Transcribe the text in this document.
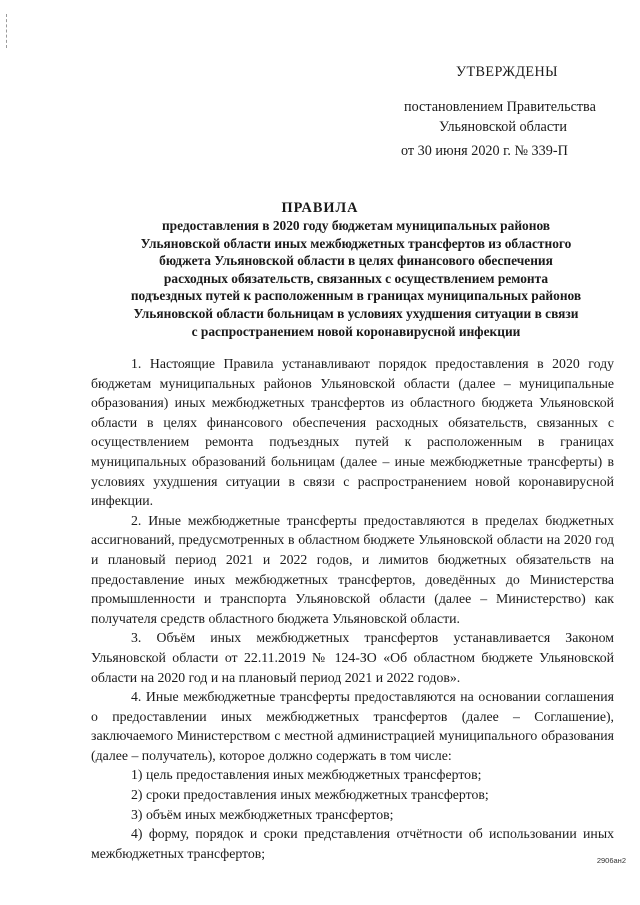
УТВЕРЖДЕНЫ
постановлением Правительства
Ульяновской области
от 30 июня 2020 г. № 339-П
ПРАВИЛА
предоставления в 2020 году бюджетам муниципальных районов
Ульяновской области иных межбюджетных трансфертов из областного
бюджета Ульяновской области в целях финансового обеспечения
расходных обязательств, связанных с осуществлением ремонта
подъездных путей к расположенным в границах муниципальных районов
Ульяновской области больницам в условиях ухудшения ситуации в связи
с распространением новой коронавирусной инфекции

1. Настоящие Правила устанавливают порядок предоставления в 2020 году бюджетам муниципальных районов Ульяновской области (далее – муниципальные образования) иных межбюджетных трансфертов из областного бюджета Ульяновской области в целях финансового обеспечения расходных обязательств, связанных с осуществлением ремонта подъездных путей к расположенным в границах муниципальных образований больницам (далее – иные межбюджетные трансферты) в условиях ухудшения ситуации в связи с распространением новой коронавирусной инфекции.

2. Иные межбюджетные трансферты предоставляются в пределах бюджетных ассигнований, предусмотренных в областном бюджете Ульяновской области на 2020 год и плановый период 2021 и 2022 годов, и лимитов бюджетных обязательств на предоставление иных межбюджетных трансфертов, доведённых до Министерства промышленности и транспорта Ульяновской области (далее – Министерство) как получателя средств областного бюджета Ульяновской области.

3. Объём иных межбюджетных трансфертов устанавливается Законом Ульяновской области от 22.11.2019 № 124-ЗО «Об областном бюджете Ульяновской области на 2020 год и на плановый период 2021 и 2022 годов».

4. Иные межбюджетные трансферты предоставляются на основании соглашения о предоставлении иных межбюджетных трансфертов (далее – Соглашение), заключаемого Министерством с местной администрацией муниципального образования (далее – получатель), которое должно содержать в том числе:

1) цель предоставления иных межбюджетных трансфертов;

2) сроки предоставления иных межбюджетных трансфертов;

3) объём иных межбюджетных трансфертов;

4) форму, порядок и сроки представления отчётности об использовании иных межбюджетных трансфертов;	2906ан2
